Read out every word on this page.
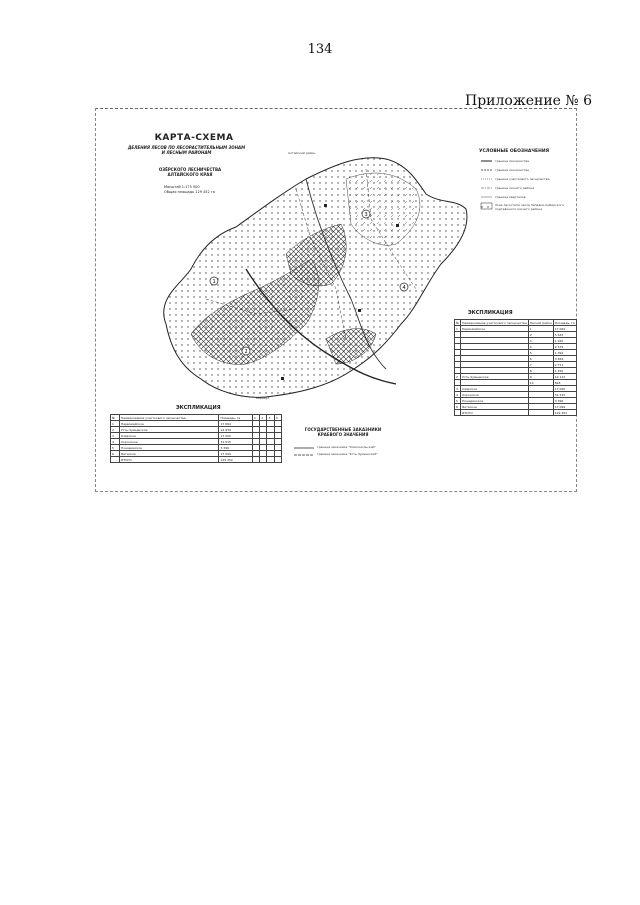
134
Приложение № 6
1
2
3
4
КАРТА-СХЕМА
ДЕЛЕНИЯ ЛЕСОВ ПО ЛЕСОРАСТИТЕЛЬНЫМ ЗОНАМ
И ЛЕСНЫМ РАЙОНАМ
ОЗЁРСКОГО ЛЕСНИЧЕСТВА
АЛТАЙСКОГО КРАЯ
Масштаб 1:175 000
Общая площадь 129 452 га
Алтайский район
Барнаул
УСЛОВНЫЕ ОБОЗНАЧЕНИЯ
граница лесничества
граница лесничества
граница участкового лесничества
граница лесного района
граница кварталов
Зона лесостепи лесов Западно-Сибирского подтаёжного лесного района
ЭКСПЛИКАЦИЯ
№	Наименование участкового лесничества	Лесной район	Площадь, га
1	Первомайское	1	17 064
		2	5 633
		3	1 920
		4	2 579
		5	1 392
		6	3 654
		7	2 771
		8	1 450
2	Усть-Чумышское	9	14 112
		10	818
3	Озёрское		17 050
4	Хоронское		31 515
5	Понадинское		3 396
6	Янтаское		17 099
	ИТОГО		129 452
ЭКСПЛИКАЦИЯ
№	Наименование участкового лесничества	Площадь, га	1	2	3	4
1	Первомайское	17 064				
2	Усть-Чумышское	14 930				
3	Озёрское	17 050				
4	Хоронское	31 515				
5	Понадинское	3 396				
6	Янтаское	17 099				
	ИТОГО	129 452				
ГОСУДАРСТВЕННЫЕ ЗАКАЗНИКИ
КРАЕВОГО ЗНАЧЕНИЯ
граница заказника "Комсомольский"
граница заказника "Усть-Чумышский"
